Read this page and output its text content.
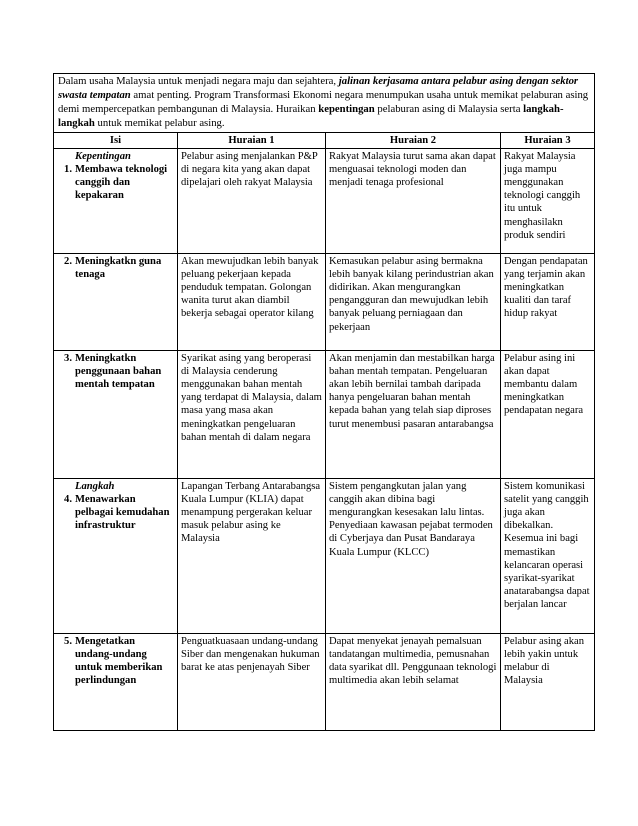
Dalam usaha Malaysia untuk menjadi negara maju dan sejahtera, jalinan kerjasama antara pelabur asing dengan sektor swasta tempatan amat penting. Program Transformasi Ekonomi negara menumpukan usaha untuk memikat pelaburan asing demi mempercepatkan pembangunan di Malaysia. Huraikan kepentingan pelaburan asing di Malaysia serta langkah-langkah untuk memikat pelabur asing.			
Isi	Huraian 1	Huraian 2	Huraian 3

Kepentingan
1. Membawa teknologi canggih dan kepakaran	Pelabur asing menjalankan P&P di negara kita yang akan dapat dipelajari oleh rakyat Malaysia	Rakyat Malaysia turut sama akan dapat menguasai teknologi moden dan menjadi tenaga profesional	Rakyat Malaysia juga mampu menggunakan teknologi canggih itu untuk menghasilakn produk sendiri

2. Meningkatkn guna tenaga	Akan mewujudkan lebih banyak peluang pekerjaan kepada penduduk tempatan. Golongan wanita turut akan diambil bekerja sebagai operator kilang	Kemasukan pelabur asing bermakna lebih banyak kilang perindustrian akan didirikan. Akan mengurangkan pengangguran dan mewujudkan lebih banyak peluang perniagaan dan pekerjaan	Dengan pendapatan yang terjamin akan meningkatkan kualiti dan taraf hidup rakyat

3. Meningkatkn penggunaan bahan mentah tempatan	Syarikat asing yang beroperasi di Malaysia cenderung menggunakan bahan mentah yang terdapat di Malaysia, dalam masa yang masa akan meningkatkan pengeluaran bahan mentah di dalam negara	Akan menjamin dan mestabilkan harga bahan mentah tempatan. Pengeluaran akan lebih bernilai tambah daripada hanya pengeluaran bahan mentah kepada bahan yang telah siap diproses turut menembusi pasaran antarabangsa	Pelabur asing ini akan dapat membantu dalam meningkatkan pendapatan negara

Langkah
4. Menawarkan pelbagai kemudahan infrastruktur	Lapangan Terbang Antarabangsa Kuala Lumpur (KLIA) dapat menampung pergerakan keluar masuk pelabur asing ke Malaysia	Sistem pengangkutan jalan yang canggih akan dibina bagi mengurangkan kesesakan lalu lintas. Penyediaan kawasan pejabat termoden di Cyberjaya dan Pusat Bandaraya Kuala Lumpur (KLCC)	Sistem komunikasi satelit yang canggih juga akan dibekalkan. Kesemua ini bagi memastikan kelancaran operasi syarikat-syarikat anatarabangsa dapat berjalan lancar

5. Mengetatkan undang-undang untuk memberikan perlindungan	Penguatkuasaan undang-undang Siber dan mengenakan hukuman barat ke atas penjenayah Siber	Dapat menyekat jenayah pemalsuan tandatangan multimedia, pemusnahan data syarikat dll. Penggunaan teknologi multimedia akan lebih selamat	Pelabur asing akan lebih yakin untuk melabur di Malaysia
